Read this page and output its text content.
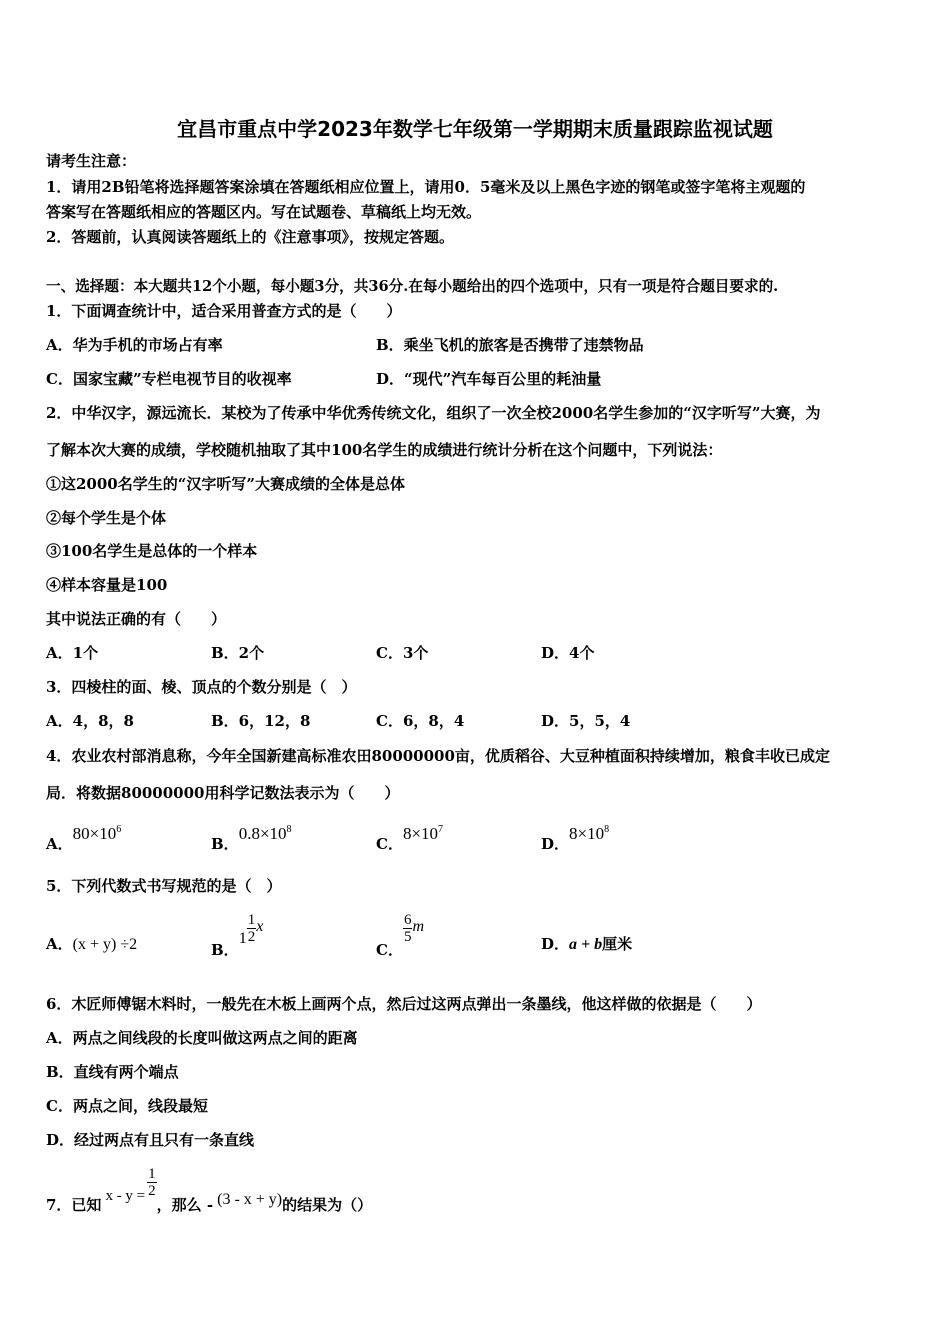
宜昌市重点中学2023年数学七年级第一学期期末质量跟踪监视试题
请考生注意：
1．请用2B铅笔将选择题答案涂填在答题纸相应位置上，请用0．5毫米及以上黑色字迹的钢笔或签字笔将主观题的
答案写在答题纸相应的答题区内。写在试题卷、草稿纸上均无效。
2．答题前，认真阅读答题纸上的《注意事项》，按规定答题。
一、选择题：本大题共12个小题，每小题3分，共36分.在每小题给出的四个选项中，只有一项是符合题目要求的.
1．下面调查统计中，适合采用普查方式的是（　　）
A．华为手机的市场占有率	B．乘坐飞机的旅客是否携带了违禁物品
C．国家宝藏”专栏电视节目的收视率	D．“现代”汽车每百公里的耗油量
2．中华汉字，源远流长．某校为了传承中华优秀传统文化，组织了一次全校2000名学生参加的“汉字听写”大赛，为
了解本次大赛的成绩，学校随机抽取了其中100名学生的成绩进行统计分析在这个问题中，下列说法：
①这2000名学生的“汉字听写”大赛成绩的全体是总体
②每个学生是个体
③100名学生是总体的一个样本
④样本容量是100
其中说法正确的有（　　）
A．1个	B．2个	C．3个	D．4个
3．四棱柱的面、棱、顶点的个数分别是（　）
A．4，8，8	B．6，12，8	C．6，8，4	D．5，5，4
4．农业农村部消息称，今年全国新建高标准农田80000000亩，优质稻谷、大豆种植面积持续增加，粮食丰收已成定
局．将数据80000000用科学记数法表示为（　　）
A．$80\times 10^6$
B．$0.8\times 10^8$
C．$8\times 10^7$
D．$8\times 10^8$
5．下列代数式书写规范的是（　）
A．(x + y) ÷2	B．$1 \frac{1}{2}$ x
C．
$\frac{6}{5}$ m
D．a + b厘米
6．木匠师傅锯木料时，一般先在木板上画两个点，然后过这两点弹出一条墨线，他这样做的依据是（　　）
A．两点之间线段的长度叫做这两点之间的距离
B．直线有两个端点
C．两点之间，线段最短
D．经过两点有且只有一条直线
7．已知 $x - y = \frac{1}{2}$
，那么 - (3 - x + y)的结果为（）
